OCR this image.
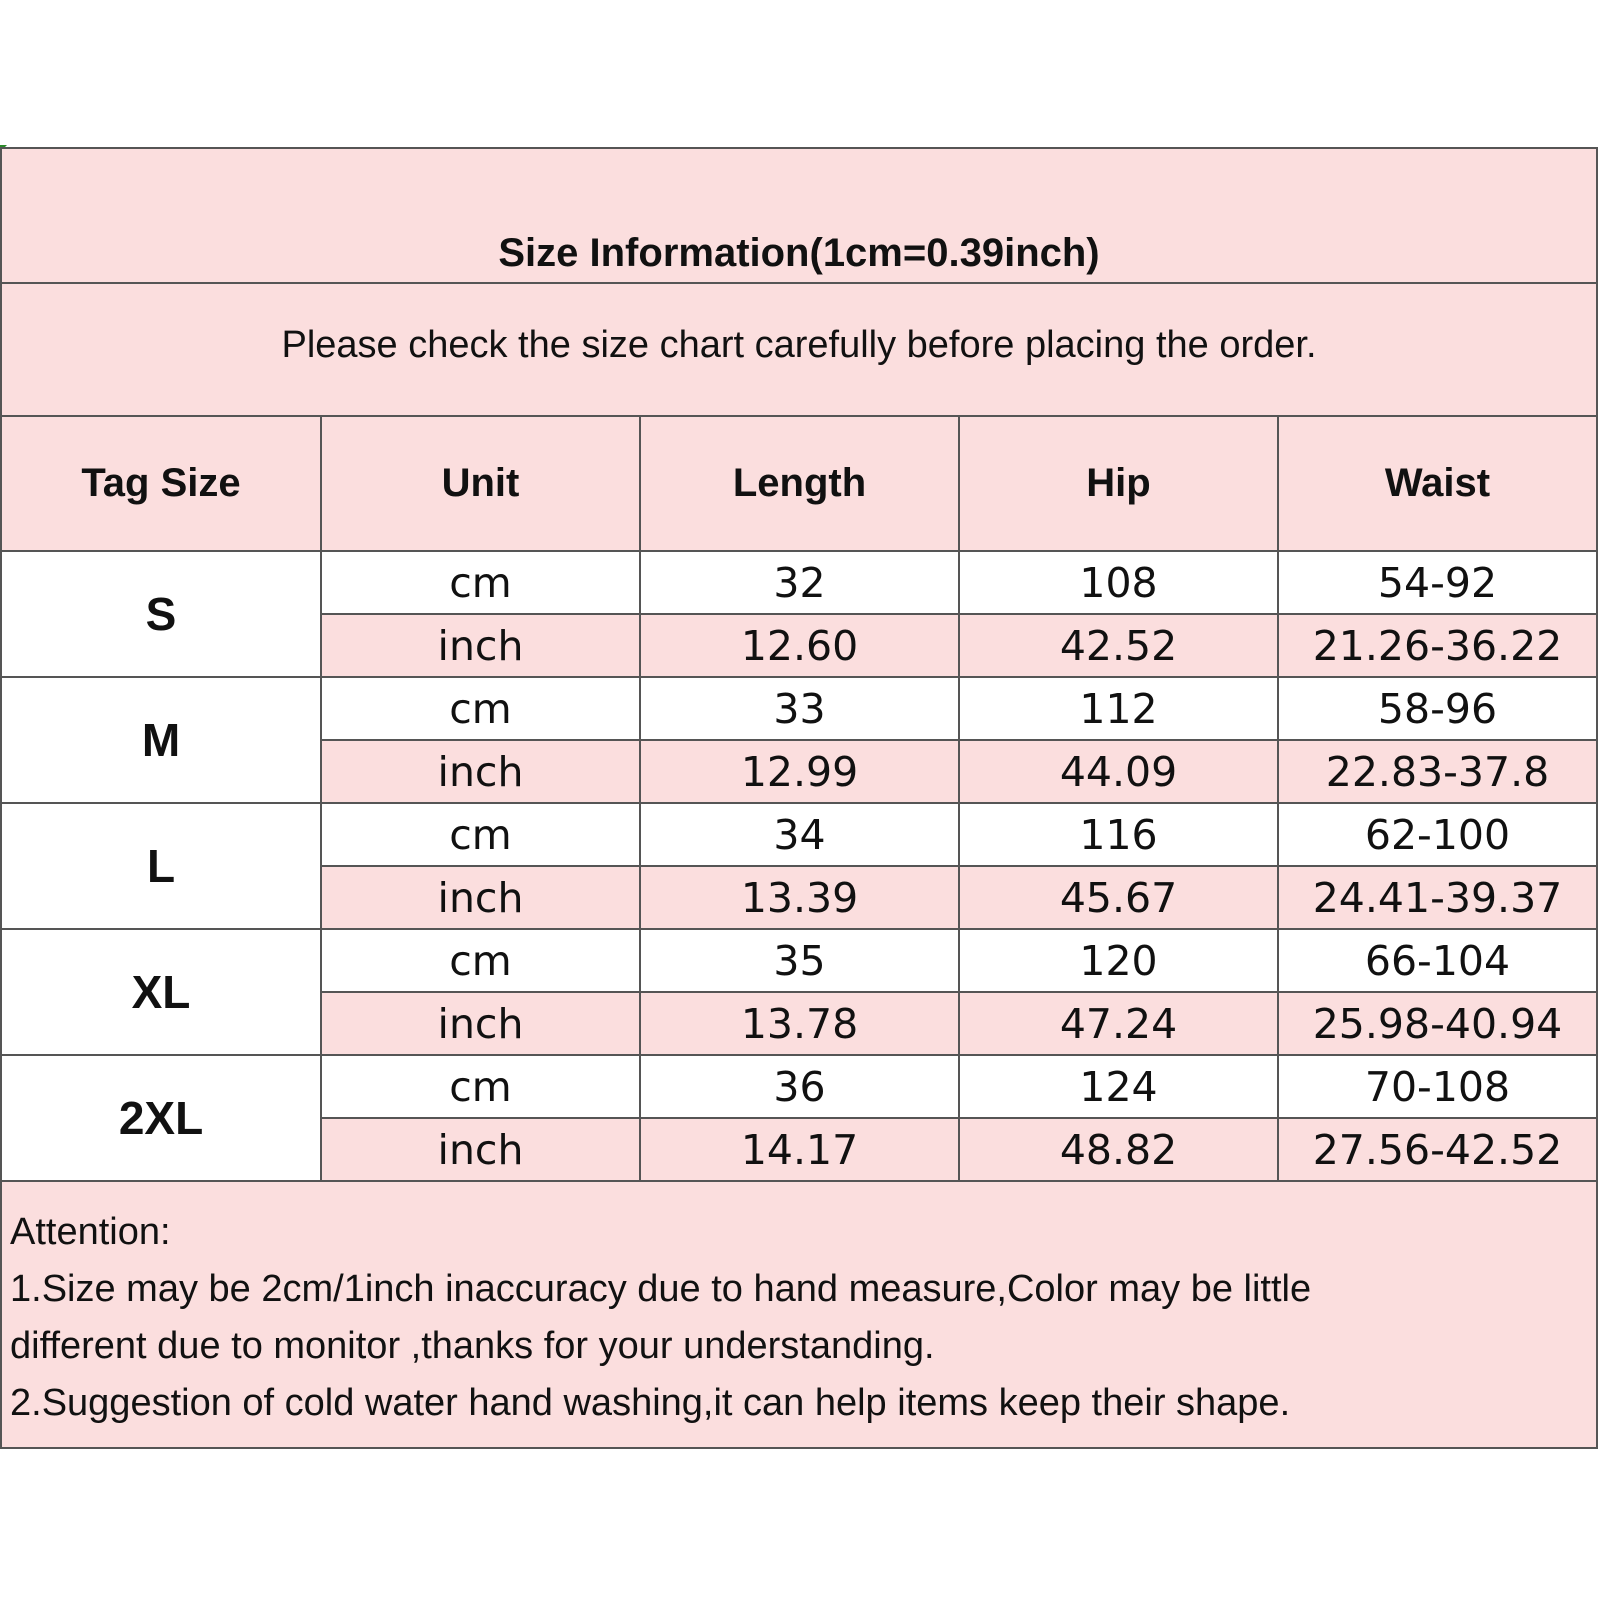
Size Information(1cm=0.39inch)
Please check the size chart carefully before placing the order.
Tag Size	Unit	Length	Hip	Waist
S	cm	32	108	54-92
	inch	12.60	42.52	21.26-36.22
M	cm	33	112	58-96
	inch	12.99	44.09	22.83-37.8
L	cm	34	116	62-100
	inch	13.39	45.67	24.41-39.37
XL	cm	35	120	66-104
	inch	13.78	47.24	25.98-40.94
2XL	cm	36	124	70-108
	inch	14.17	48.82	27.56-42.52
Attention:
1.Size may be 2cm/1inch inaccuracy due to hand measure,Color may be little
different due to monitor ,thanks for your understanding.
2.Suggestion of cold water hand washing,it can help items keep their shape.
